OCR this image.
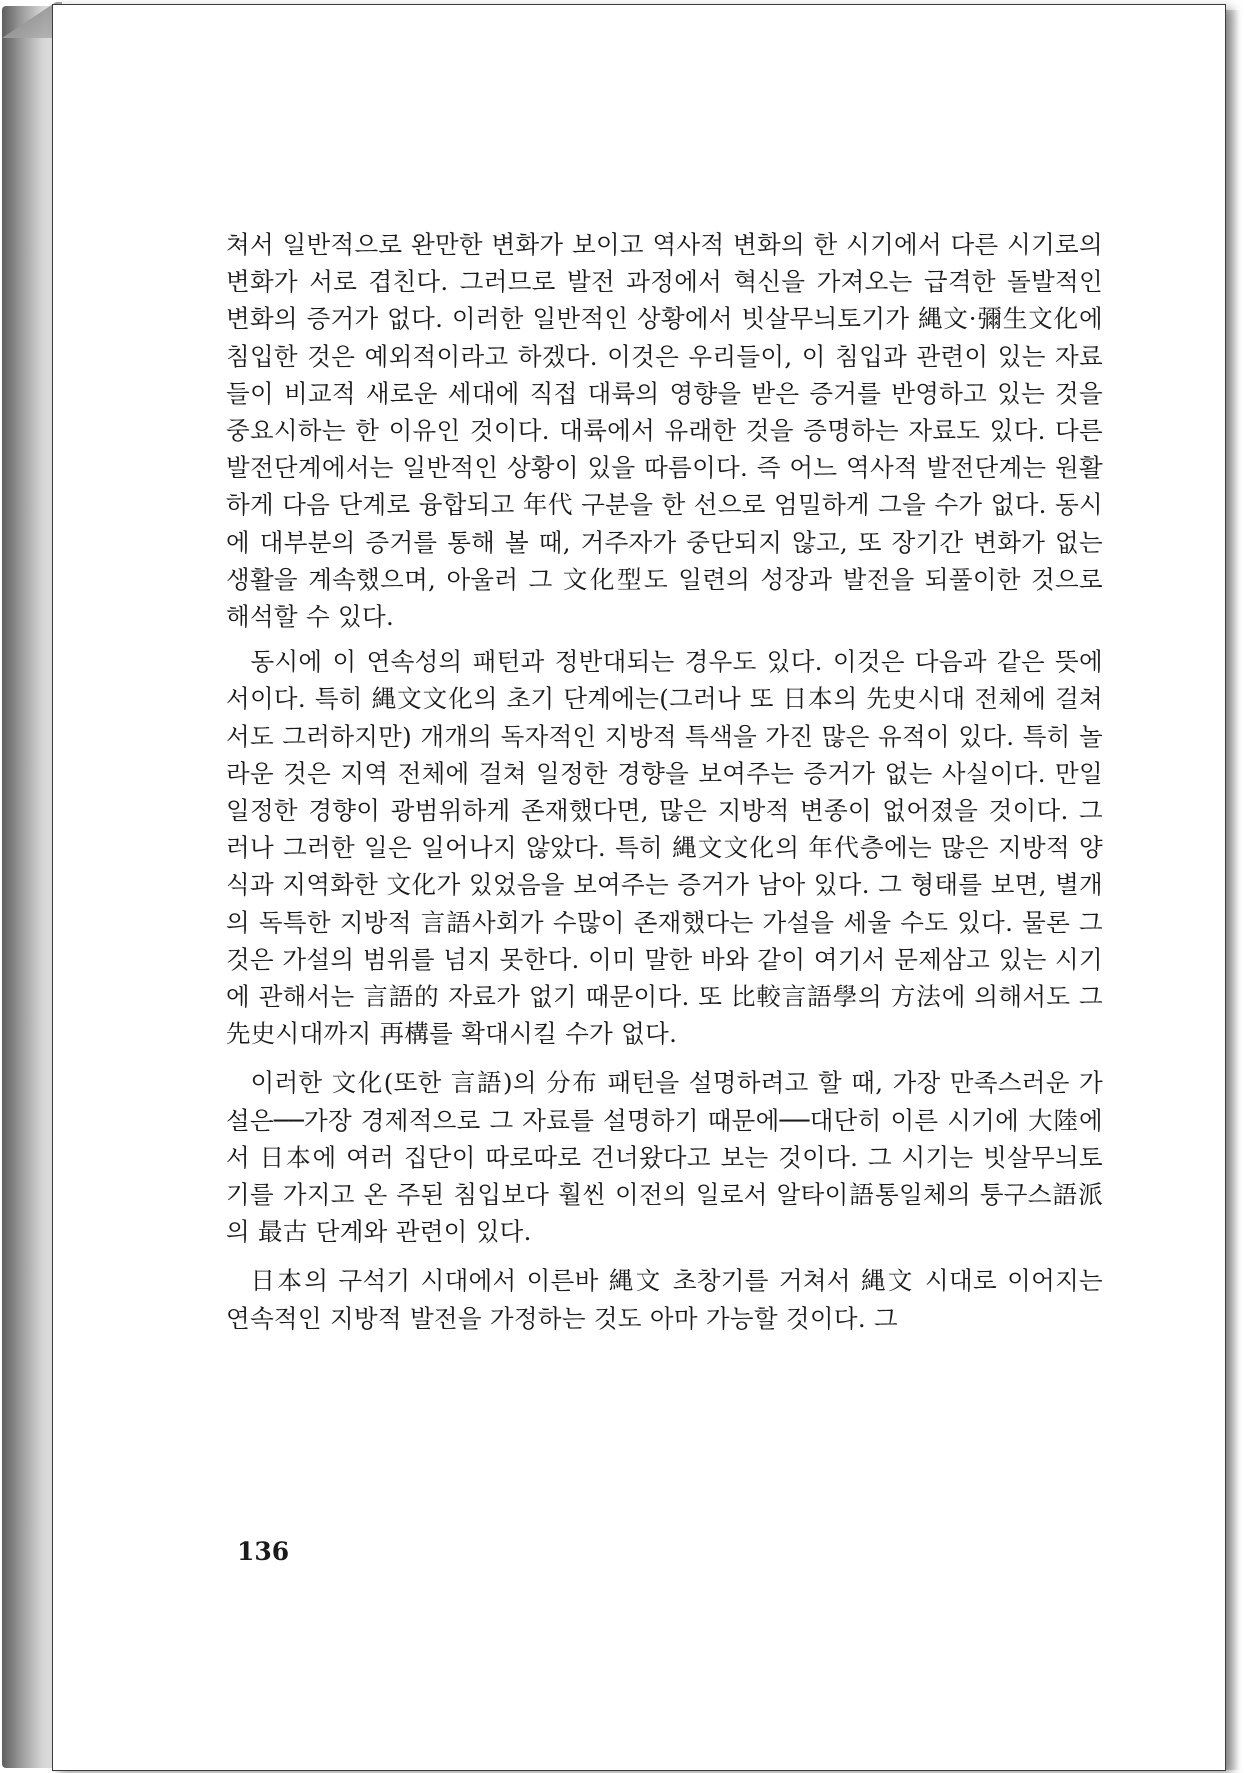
쳐서 일반적으로 완만한 변화가 보이고 역사적 변화의 한 시기에서 다른 시기로의 변화가 서로 겹친다. 그러므로 발전 과정에서 혁신을 가져오는 급격한 돌발적인 변화의 증거가 없다. 이러한 일반적인 상황에서 빗살무늬토기가 縄文·彌生文化에 침입한 것은 예외적이라고 하겠다. 이것은 우리들이, 이 침입과 관련이 있는 자료들이 비교적 새로운 세대에 직접 대륙의 영향을 받은 증거를 반영하고 있는 것을 중요시하는 한 이유인 것이다. 대륙에서 유래한 것을 증명하는 자료도 있다. 다른 발전단계에서는 일반적인 상황이 있을 따름이다. 즉 어느 역사적 발전단계는 원활하게 다음 단계로 융합되고 年代 구분을 한 선으로 엄밀하게 그을 수가 없다. 동시에 대부분의 증거를 통해 볼 때, 거주자가 중단되지 않고, 또 장기간 변화가 없는 생활을 계속했으며, 아울러 그 文化型도 일련의 성장과 발전을 되풀이한 것으로 해석할 수 있다.

동시에 이 연속성의 패턴과 정반대되는 경우도 있다. 이것은 다음과 같은 뜻에서이다. 특히 縄文文化의 초기 단계에는(그러나 또 日本의 先史시대 전체에 걸쳐서도 그러하지만) 개개의 독자적인 지방적 특색을 가진 많은 유적이 있다. 특히 놀라운 것은 지역 전체에 걸쳐 일정한 경향을 보여주는 증거가 없는 사실이다. 만일 일정한 경향이 광범위하게 존재했다면, 많은 지방적 변종이 없어졌을 것이다. 그러나 그러한 일은 일어나지 않았다. 특히 縄文文化의 年代층에는 많은 지방적 양식과 지역화한 文化가 있었음을 보여주는 증거가 남아 있다. 그 형태를 보면, 별개의 독특한 지방적 言語사회가 수많이 존재했다는 가설을 세울 수도 있다. 물론 그것은 가설의 범위를 넘지 못한다. 이미 말한 바와 같이 여기서 문제삼고 있는 시기에 관해서는 言語的 자료가 없기 때문이다. 또 比較言語學의 方法에 의해서도 그 先史시대까지 再構를 확대시킬 수가 없다.

이러한 文化(또한 言語)의 分布 패턴을 설명하려고 할 때, 가장 만족스러운 가설은──가장 경제적으로 그 자료를 설명하기 때문에──대단히 이른 시기에 大陸에서 日本에 여러 집단이 따로따로 건너왔다고 보는 것이다. 그 시기는 빗살무늬토기를 가지고 온 주된 침입보다 훨씬 이전의 일로서 알타이語통일체의 퉁구스語派의 最古 단계와 관련이 있다.

日本의 구석기 시대에서 이른바 縄文 초창기를 거쳐서 縄文 시대로 이어지는 연속적인 지방적 발전을 가정하는 것도 아마 가능할 것이다. 그

136
